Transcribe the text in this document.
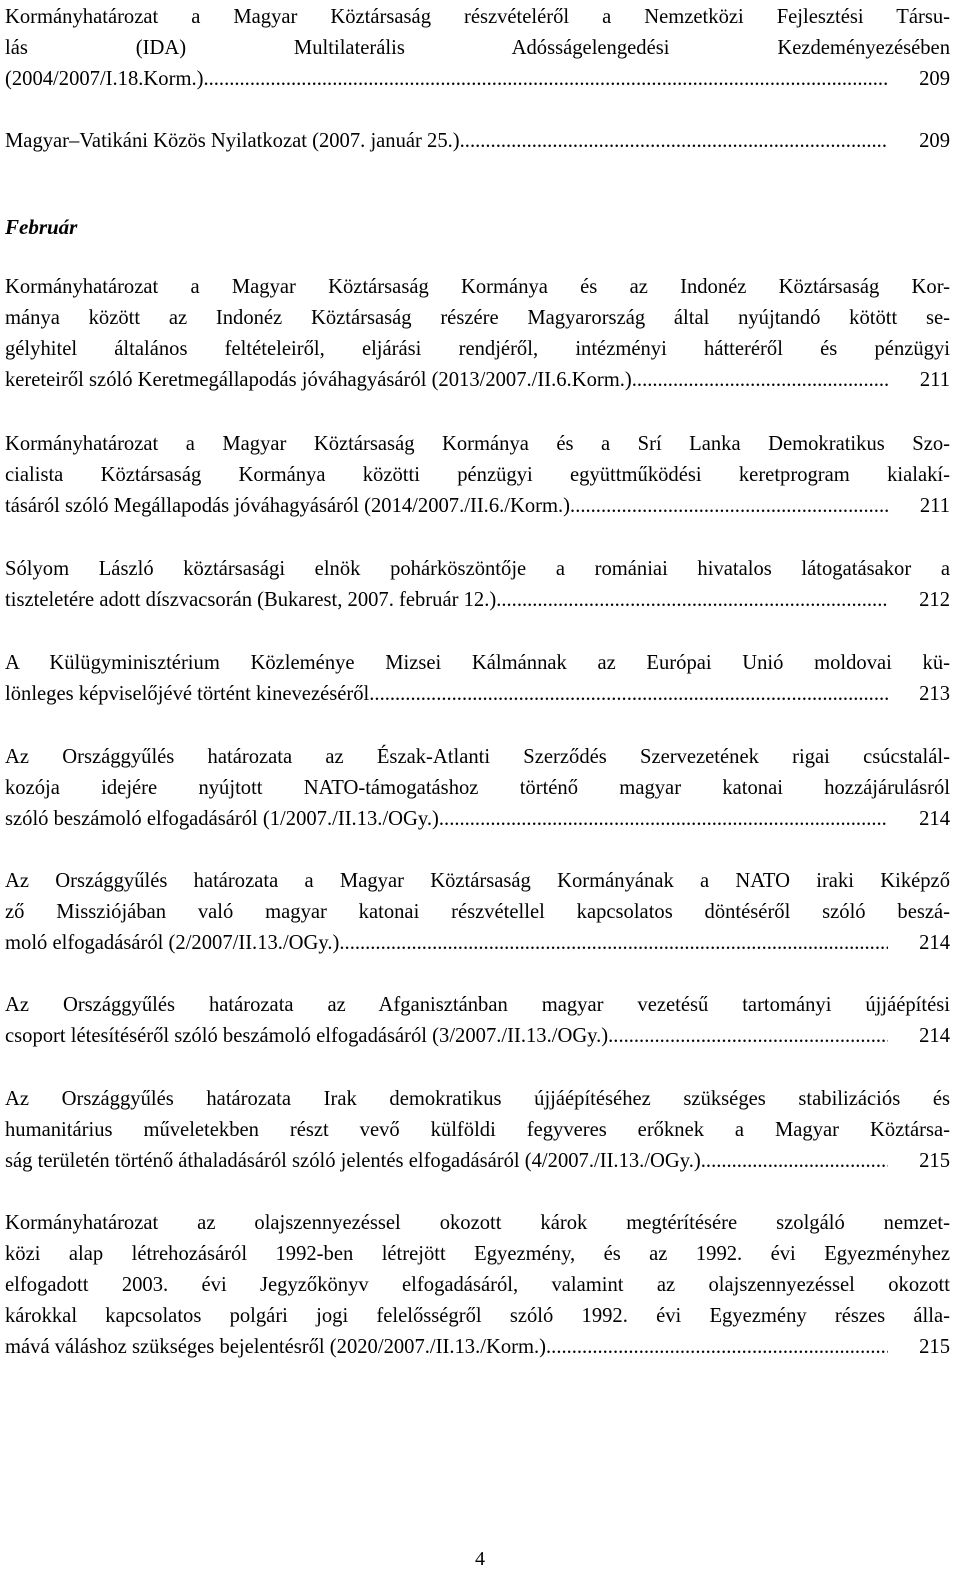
Kormányhatározat a Magyar Köztársaság részvételéről a Nemzetközi Fejlesztési Társu-
lás (IDA) Multilaterális Adósságelengedési Kezdeményezésében
(2004/2007/I.18.Korm.) .....	209

Magyar–Vatikáni Közös Nyilatkozat (2007. január 25.) .....	209

Február

Kormányhatározat a Magyar Köztársaság Kormánya és az Indonéz Köztársaság Kor-
mánya között az Indonéz Köztársaság részére Magyarország által nyújtandó kötött se-
gélyhitel általános feltételeiről, eljárási rendjéről, intézményi hátteréről és pénzügyi
kereteiről szóló Keretmegállapodás jóváhagyásáról (2013/2007./II.6.Korm.) .....	211

Kormányhatározat a Magyar Köztársaság Kormánya és a Srí Lanka Demokratikus Szo-
cialista Köztársaság Kormánya közötti pénzügyi együttműködési keretprogram kialakí-
tásáról szóló Megállapodás jóváhagyásáról (2014/2007./II.6./Korm.) .....	211

Sólyom László köztársasági elnök pohárköszöntője a romániai hivatalos látogatásakor a
tiszteletére adott díszvacsorán (Bukarest, 2007. február 12.) .....	212

A Külügyminisztérium Közleménye Mizsei Kálmánnak az Európai Unió moldovai kü-
lönleges képviselőjévé történt kinevezéséről .....	213

Az Országgyűlés határozata az Észak-Atlanti Szerződés Szervezetének rigai csúcstalál-
kozója idejére nyújtott NATO-támogatáshoz történő magyar katonai hozzájárulásról
szóló beszámoló elfogadásáról (1/2007./II.13./OGy.) .....	214

Az Országgyűlés határozata a Magyar Köztársaság Kormányának a NATO iraki Kiképző
ző Missziójában való magyar katonai részvétellel kapcsolatos döntéséről szóló beszá-
moló elfogadásáról (2/2007/II.13./OGy.) .....	214

Az Országgyűlés határozata az Afganisztánban magyar vezetésű tartományi újjáépítési
csoport létesítéséről szóló beszámoló elfogadásáról (3/2007./II.13./OGy.) .....	214

Az Országgyűlés határozata Irak demokratikus újjáépítéséhez szükséges stabilizációs és
humanitárius műveletekben részt vevő külföldi fegyveres erőknek a Magyar Köztársa-
ság területén történő áthaladásáról szóló jelentés elfogadásáról (4/2007./II.13./OGy.) .....	215

Kormányhatározat az olajszennyezéssel okozott károk megtérítésére szolgáló nemzet-
közi alap létrehozásáról 1992-ben létrejött Egyezmény, és az 1992. évi Egyezményhez
elfogadott 2003. évi Jegyzőkönyv elfogadásáról, valamint az olajszennyezéssel okozott
károkkal kapcsolatos polgári jogi felelősségről szóló 1992. évi Egyezmény részes álla-
mává váláshoz szükséges bejelentésről (2020/2007./II.13./Korm.) .....	215

4
